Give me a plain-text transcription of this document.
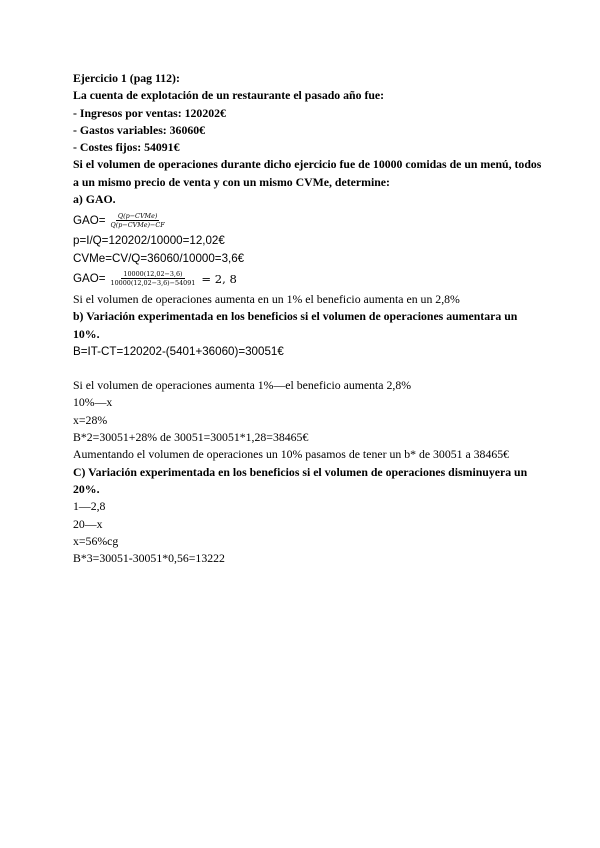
Ejercicio 1 (pag 112):
La cuenta de explotación de un restaurante el pasado año fue:
- Ingresos por ventas: 120202€
- Gastos variables: 36060€
- Costes fijos: 54091€
Si el volumen de operaciones durante dicho ejercicio fue de 10000 comidas de un menú, todos a un mismo precio de venta y con un mismo CVMe, determine:
a) GAO.
$GAO= \frac{\text{Q(p−CVMe)}}{\text{Q(p−CVMe)−CF}}$
p=I/Q=120202/10000=12,02€
CVMe=CV/Q=36060/10000=3,6€
$GAO= \frac{10000(12,02-3,6)}{10000(12,02-3,6)-54091} = 2$, 8
Si el volumen de operaciones aumenta en un 1% el beneficio aumenta en un 2,8%
b) Variación experimentada en los beneficios si el volumen de operaciones aumentara un 10%.
B=IT-CT=120202-(5401+36060)=30051€
Si el volumen de operaciones aumenta 1%—el beneficio aumenta 2,8%
10%—x
x=28%
B*2=30051+28% de 30051=30051*1,28=38465€
Aumentando el volumen de operaciones un 10% pasamos de tener un b* de 30051 a 38465€
C) Variación experimentada en los beneficios si el volumen de operaciones disminuyera un 20%.
1—2,8
20—x
x=56%cg
B*3=30051-30051*0,56=13222
